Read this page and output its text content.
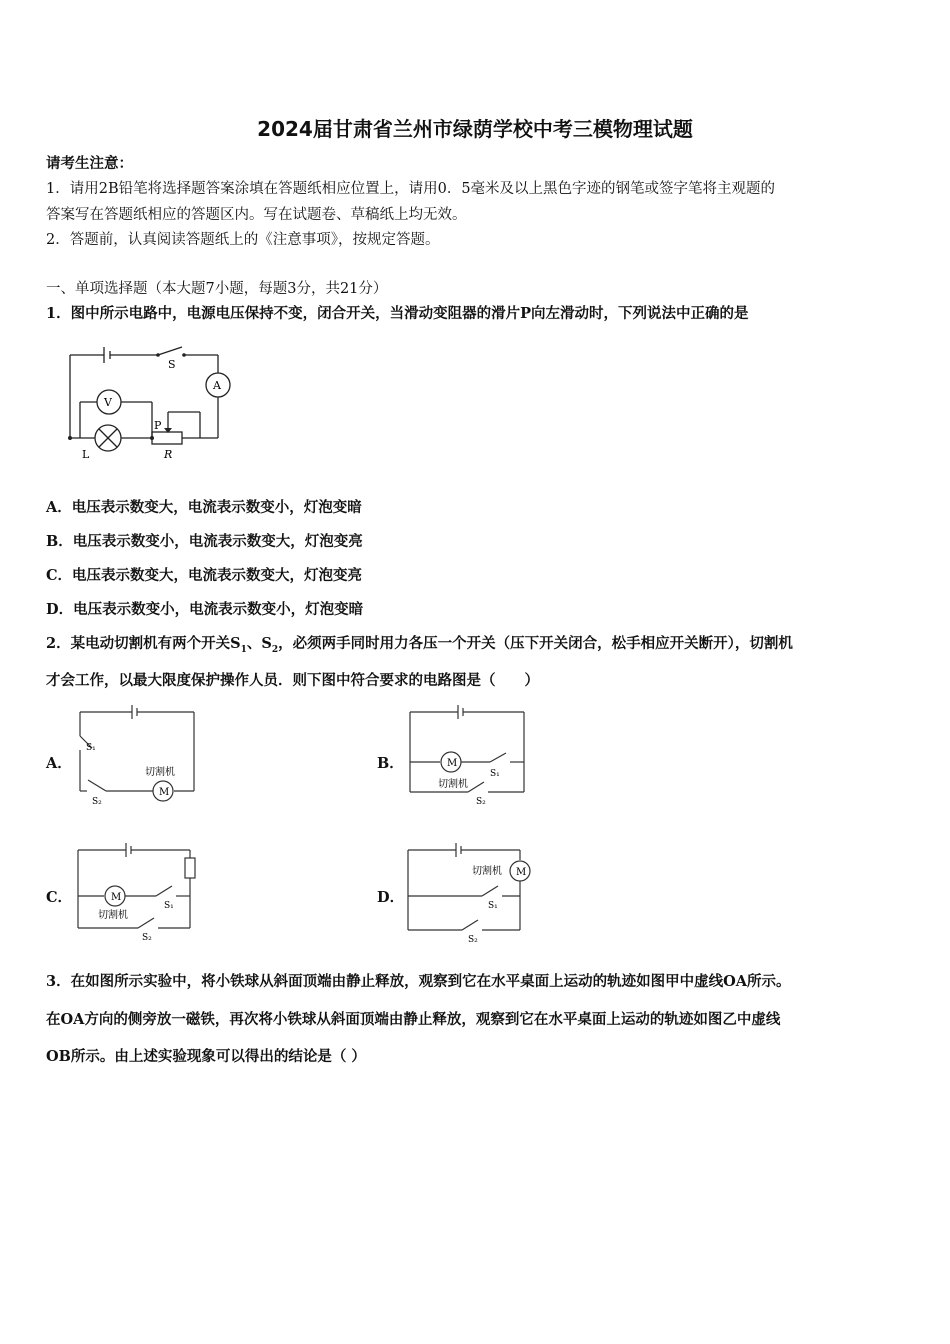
2024届甘肃省兰州市绿荫学校中考三模物理试题
请考生注意：
1．请用2B铅笔将选择题答案涂填在答题纸相应位置上，请用0．5毫米及以上黑色字迹的钢笔或签字笔将主观题的
答案写在答题纸相应的答题区内。写在试题卷、草稿纸上均无效。
2．答题前，认真阅读答题纸上的《注意事项》，按规定答题。
一、单项选择题（本大题7小题，每题3分，共21分）
1．图中所示电路中，电源电压保持不变，闭合开关，当滑动变阻器的滑片P向左滑动时，下列说法中正确的是
S
A
V
L
P
R
A．电压表示数变大，电流表示数变小，灯泡变暗
B．电压表示数变小，电流表示数变大，灯泡变亮
C．电压表示数变大，电流表示数变大，灯泡变亮
D．电压表示数变小，电流表示数变小，灯泡变暗
2．某电动切割机有两个开关$S_1$、$S_2$，必须两手同时用力各压一个开关（压下开关闭合，松手相应开关断开），切割机
才会工作，以最大限度保护操作人员．则下图中符合要求的电路图是（　　）
A．
M
切割机
S₁
S₂
B．	M
切割机
S₁
S₂
C．	M
切割机
S₁
S₂
D．
M
切割机
S₁
S₂
3．在如图所示实验中，将小铁球从斜面顶端由静止释放，观察到它在水平桌面上运动的轨迹如图甲中虚线OA所示。
在OA方向的侧旁放一磁铁，再次将小铁球从斜面顶端由静止释放，观察到它在水平桌面上运动的轨迹如图乙中虚线
OB所示。由上述实验现象可以得出的结论是（ ）
